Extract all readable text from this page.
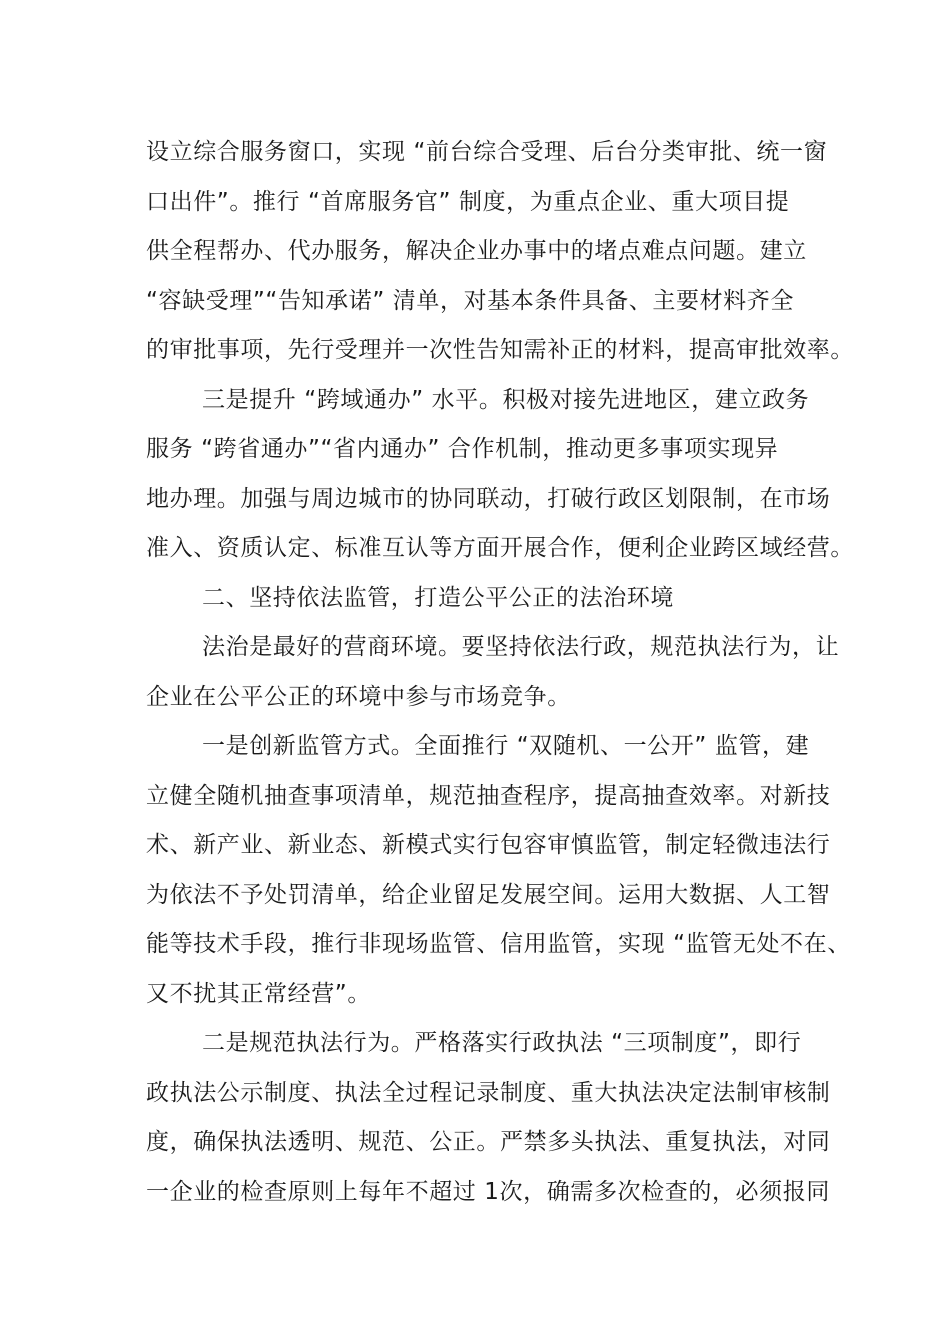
设立综合服务窗口，实现 “前台综合受理、后台分类审批、统一窗
口出件”。推行 “首席服务官” 制度，为重点企业、重大项目提
供全程帮办、代办服务，解决企业办事中的堵点难点问题。建立
“容缺受理”“告知承诺” 清单，对基本条件具备、主要材料齐全
的审批事项，先行受理并一次性告知需补正的材料，提高审批效率。
三是提升 “跨域通办” 水平。积极对接先进地区，建立政务
服务 “跨省通办”“省内通办” 合作机制，推动更多事项实现异
地办理。加强与周边城市的协同联动，打破行政区划限制，在市场
准入、资质认定、标准互认等方面开展合作，便利企业跨区域经营。
二、坚持依法监管，打造公平公正的法治环境
法治是最好的营商环境。要坚持依法行政，规范执法行为，让
企业在公平公正的环境中参与市场竞争。
一是创新监管方式。全面推行 “双随机、一公开” 监管，建
立健全随机抽查事项清单，规范抽查程序，提高抽查效率。对新技
术、新产业、新业态、新模式实行包容审慎监管，制定轻微违法行
为依法不予处罚清单，给企业留足发展空间。运用大数据、人工智
能等技术手段，推行非现场监管、信用监管，实现 “监管无处不在、
又不扰其正常经营”。
二是规范执法行为。严格落实行政执法 “三项制度”，即行
政执法公示制度、执法全过程记录制度、重大执法决定法制审核制
度，确保执法透明、规范、公正。严禁多头执法、重复执法，对同
一企业的检查原则上每年不超过 1次，确需多次检查的，必须报同
